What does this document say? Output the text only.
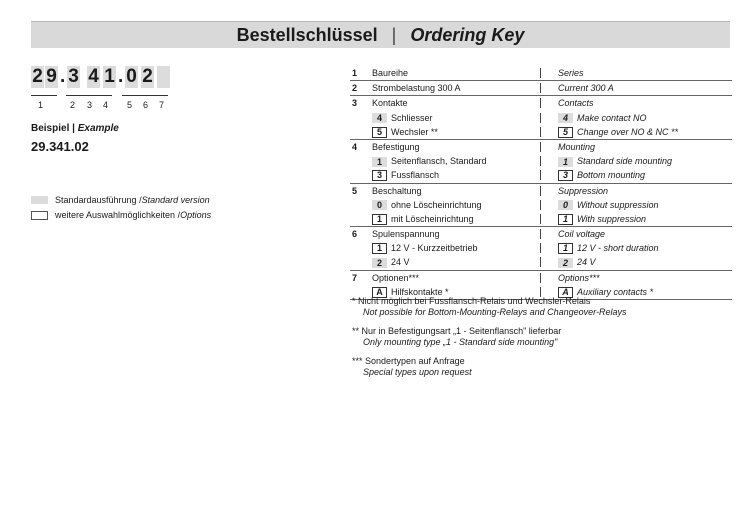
Bestellschlüssel | Ordering Key
2 9 . 3 4 1 . 0 2
1	2	3	4	5	6	7
Beispiel | Example
29.341.02
Standardausführung / Standard version
weitere Auswahlmöglichkeiten / Options
1 Baureihe	Series
2 Strombelastung 300 A	Current 300 A
3 Kontakte	Contacts
4 Schliesser	4 Make contact NO
5 Wechsler **	5 Change over NO & NC **
4 Befestigung	Mounting
1 Seitenflansch, Standard	1 Standard side mounting
3 Fussflansch	3 Bottom mounting
5 Beschaltung	Suppression
0 ohne Löscheinrichtung	0 Without suppression
1 mit Löscheinrichtung	1 With suppression
6 Spulenspannung	Coil voltage
1 12 V - Kurzzeitbetrieb	1 12 V - short duration
2 24 V	2 24 V
7 Optionen***	Options***
A Hilfskontakte *	A Auxiliary contacts *
* Nicht möglich bei Fussflansch-Relais und Wechsler-Relais
Not possible for Bottom-Mounting-Relays and Changeover-Relays
** Nur in Befestigungsart „1 - Seitenflansch" lieferbar
Only mounting type „1 - Standard side mounting"
*** Sondertypen auf Anfrage
Special types upon request
